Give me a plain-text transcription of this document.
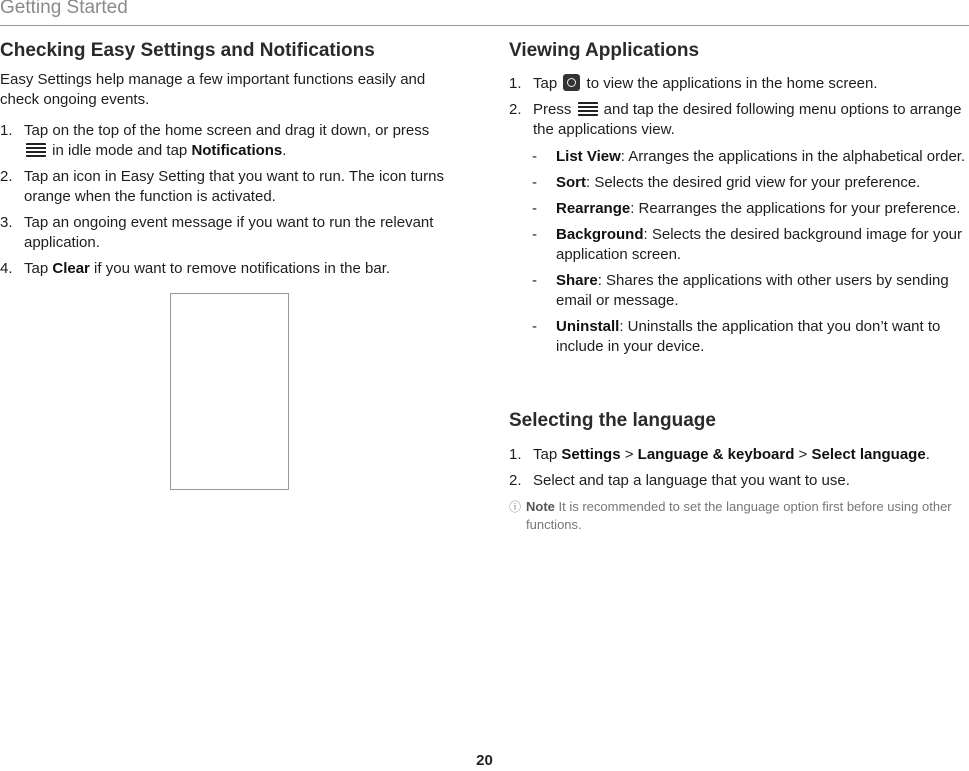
Getting Started
Checking Easy Settings and Notifications

Easy Settings help manage a few important functions easily and check ongoing events.

1. Tap on the top of the home screen and drag it down, or press  in idle mode and tap Notifications.
2. Tap an icon in Easy Setting that you want to run. The icon turns orange when the function is activated.
3. Tap an ongoing event message if you want to run the relevant application.
4. Tap Clear if you want to remove notifications in the bar.
Viewing Applications
1. Tap  to view the applications in the home screen.
2. Press  and tap the desired following menu options to arrange the applications view.
- List View: Arranges the applications in the alphabetical order.
- Sort: Selects the desired grid view for your preference.
- Rearrange: Rearranges the applications for your preference.
- Background: Selects the desired background image for your application screen.
- Share: Shares the applications with other users by sending email or message.
- Uninstall: Uninstalls the application that you don’t want to include in your device.
Selecting the language
1. Tap Settings > Language & keyboard > Select language.
2. Select and tap a language that you want to use.
ⓘ Note It is recommended to set the language option first before using other functions.
20
